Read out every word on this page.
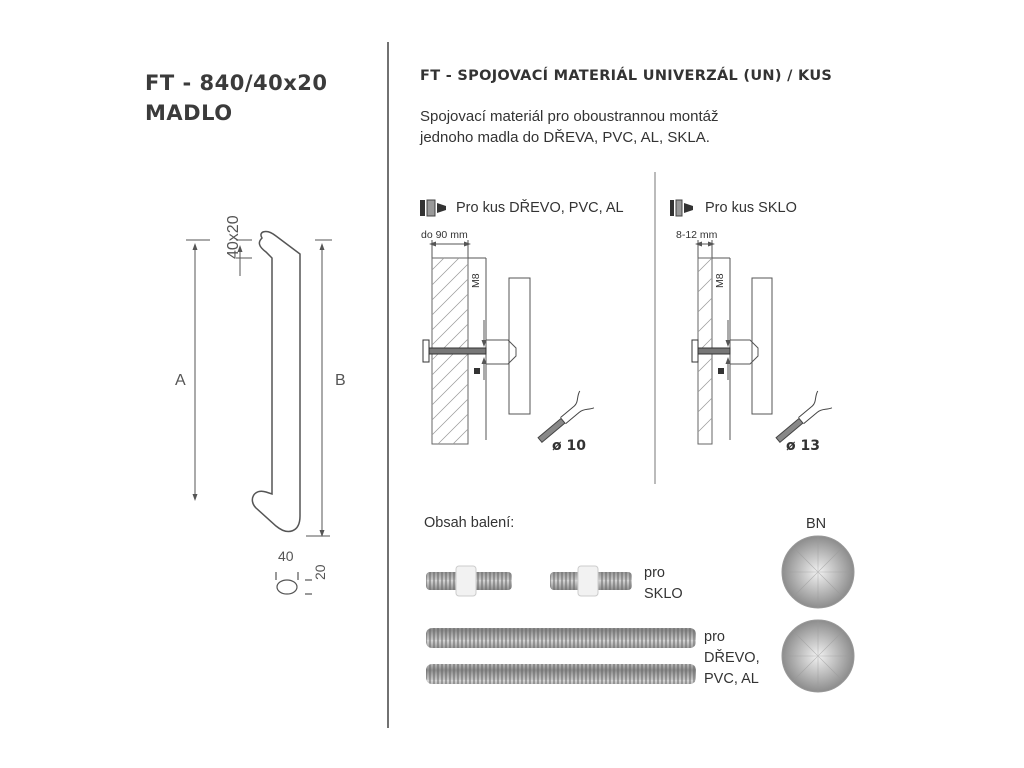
FT - 840/40x20
MADLO
40x20
A	B
40
20
FT - SPOJOVACÍ MATERIÁL UNIVERZÁL (UN) / KUS
Spojovací materiál pro oboustrannou montáž
jednoho madla do DŘEVA, PVC, AL, SKLA.
Pro kus DŘEVO, PVC, AL
do 90 mm
M8
ø 10
Pro kus SKLO
8-12 mm
M8
ø 13
Obsah balení:
pro
SKLO
pro
DŘEVO,
PVC, AL
BN
